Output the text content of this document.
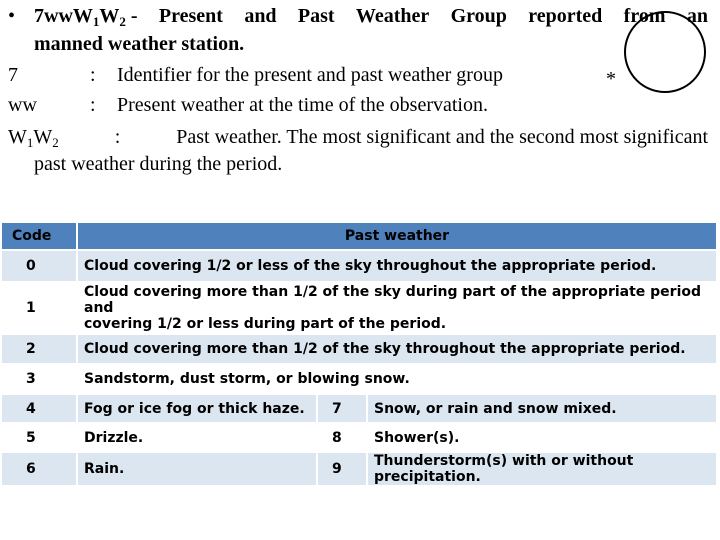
• $7wwW_1W_2$ - Present and Past Weather Group reported from an
manned weather station.
7	: Identifier for the present and past weather group
ww	: Present weather at the time of the observation.
$W_1W_2$	:	Past weather. The most significant and the second most significant
past weather during the period.
*
Code	Past weather		
0	Cloud covering 1/2 or less of the sky throughout the appropriate period.		
1	Cloud covering more than 1/2 of the sky during part of the appropriate period and
covering 1/2 or less during part of the period.		
2	Cloud covering more than 1/2 of the sky throughout the appropriate period.		
3	Sandstorm, dust storm, or blowing snow.		
4	Fog or ice fog or thick haze.	7	Snow, or rain and snow mixed.
5	Drizzle.	8	Shower(s).
6	Rain.	9	Thunderstorm(s) with or without precipitation.
